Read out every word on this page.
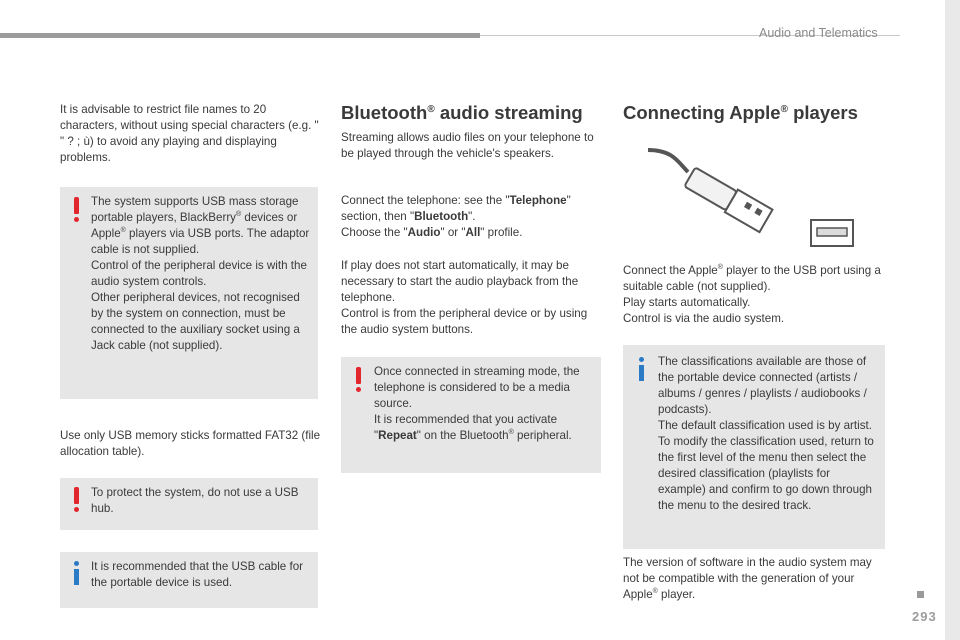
Audio and Telematics
293

It is advisable to restrict file names to 20 characters, without using special characters (e.g. " " ? ; ù) to avoid any playing and displaying problems.

The system supports USB mass storage portable players, BlackBerry® devices or Apple® players via USB ports. The adaptor cable is not supplied.
Control of the peripheral device is with the audio system controls.
Other peripheral devices, not recognised by the system on connection, must be connected to the auxiliary socket using a Jack cable (not supplied).

Use only USB memory sticks formatted FAT32 (file allocation table).

To protect the system, do not use a USB hub.

It is recommended that the USB cable for the portable device is used.

Bluetooth® audio streaming

Streaming allows audio files on your telephone to be played through the vehicle's speakers.

Connect the telephone: see the "Telephone" section, then "Bluetooth".
Choose the "Audio" or "All" profile.

If play does not start automatically, it may be necessary to start the audio playback from the telephone.
Control is from the peripheral device or by using the audio system buttons.

Once connected in streaming mode, the telephone is considered to be a media source.
It is recommended that you activate "Repeat" on the Bluetooth® peripheral.

Connecting Apple® players

Connect the Apple® player to the USB port using a suitable cable (not supplied).
Play starts automatically.
Control is via the audio system.

The classifications available are those of the portable device connected (artists / albums / genres / playlists / audiobooks / podcasts).
The default classification used is by artist. To modify the classification used, return to the first level of the menu then select the desired classification (playlists for example) and confirm to go down through the menu to the desired track.

The version of software in the audio system may not be compatible with the generation of your Apple® player.
